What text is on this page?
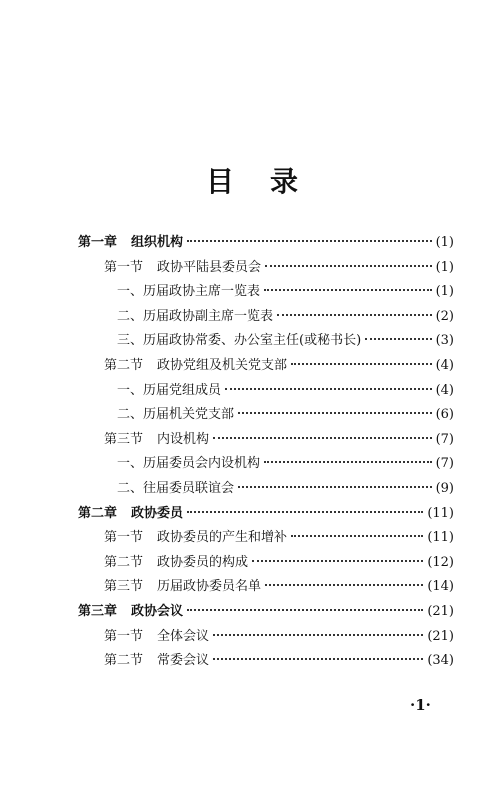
目 录
第一章 组织机构	(1)
第一节 政协平陆县委员会	(1)
一、历届政协主席一览表	(1)
二、历届政协副主席一览表	(2)
三、历届政协常委、办公室主任(或秘书长)	(3)
第二节 政协党组及机关党支部	(4)
一、历届党组成员	(4)
二、历届机关党支部	(6)
第三节 内设机构	(7)
一、历届委员会内设机构	(7)
二、往届委员联谊会	(9)
第二章 政协委员	(11)
第一节 政协委员的产生和增补	(11)
第二节 政协委员的构成	(12)
第三节 历届政协委员名单	(14)
第三章 政协会议	(21)
第一节 全体会议	(21)
第二节 常委会议	(34)
·1·
